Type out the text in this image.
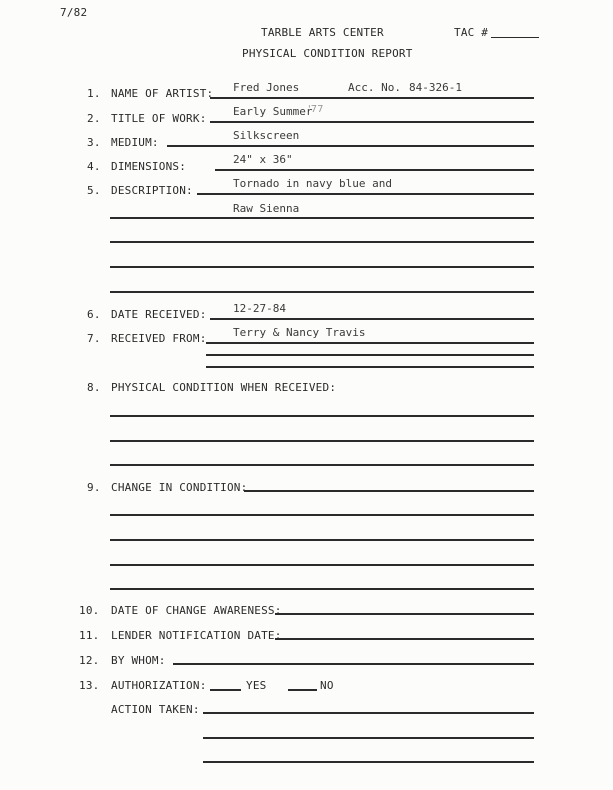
7/82
TARBLE ARTS CENTER	TAC #
PHYSICAL CONDITION REPORT
1. NAME OF ARTIST: Fred Jones	Acc. No. 84-326-1
2. TITLE OF WORK:
Early Summer
'77
3. MEDIUM:
Silkscreen
4. DIMENSIONS:
24" x 36"
5. DESCRIPTION:
Tornado in navy blue and
Raw Sienna
6. DATE RECEIVED: 12-27-84
7. RECEIVED FROM: Terry & Nancy Travis
8. PHYSICAL CONDITION WHEN RECEIVED:
9. CHANGE IN CONDITION:
10. DATE OF CHANGE AWARENESS:
11. LENDER NOTIFICATION DATE:
12. BY WHOM:
13. AUTHORIZATION:	YES	NO
ACTION TAKEN:
